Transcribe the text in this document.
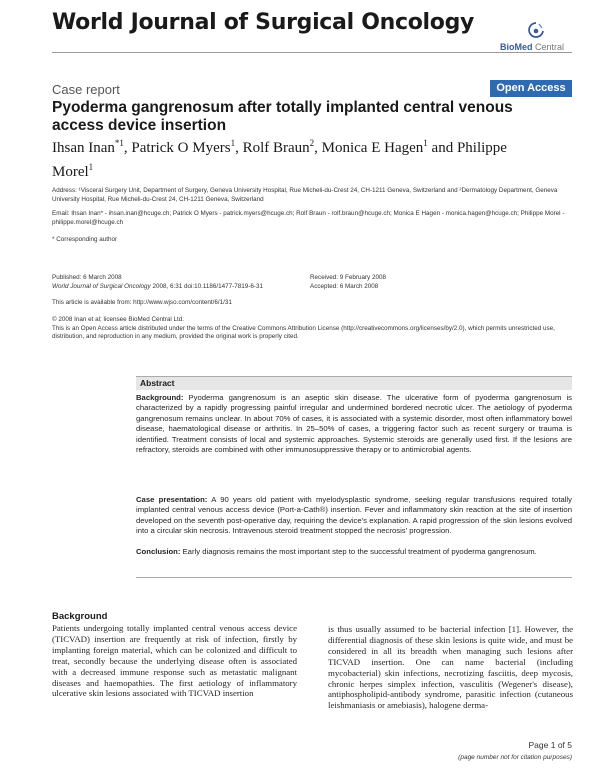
World Journal of Surgical Oncology
BioMed Central
Case report	Open Access
Pyoderma gangrenosum after totally implanted central venous access device insertion
Ihsan Inan$^{*1}$, Patrick O Myers$^1$, Rolf Braun$^2$, Monica E Hagen$^1$ and Philippe Morel$^1$
Address: ¹Visceral Surgery Unit, Department of Surgery, Geneva University Hospital, Rue Micheli-du-Crest 24, CH-1211 Geneva, Switzerland and ²Dermatology Department, Geneva University Hospital, Rue Micheli-du-Crest 24, CH-1211 Geneva, Switzerland
Email: Ihsan Inan* - ihsan.inan@hcuge.ch; Patrick O Myers - patrick.myers@hcuge.ch; Rolf Braun - rolf.braun@hcuge.ch; Monica E Hagen - monica.hagen@hcuge.ch; Philippe Morel - philippe.morel@hcuge.ch
* Corresponding author
Published: 6 March 2008
World Journal of Surgical Oncology 2008, 6:31 doi:10.1186/1477-7819-6-31
Received: 9 February 2008
Accepted: 6 March 2008
This article is available from: http://www.wjso.com/content/6/1/31
© 2008 Inan et al; licensee BioMed Central Ltd.
This is an Open Access article distributed under the terms of the Creative Commons Attribution License (http://creativecommons.org/licenses/by/2.0), which permits unrestricted use, distribution, and reproduction in any medium, provided the original work is properly cited.
Abstract
Background: Pyoderma gangrenosum is an aseptic skin disease. The ulcerative form of pyoderma gangrenosum is characterized by a rapidly progressing painful irregular and undermined bordered necrotic ulcer. The aetiology of pyoderma gangrenosum remains unclear. In about 70% of cases, it is associated with a systemic disorder, most often inflammatory bowel disease, haematological disease or arthritis. In 25–50% of cases, a triggering factor such as recent surgery or trauma is identified. Treatment consists of local and systemic approaches. Systemic steroids are generally used first. If the lesions are refractory, steroids are combined with other immunosuppressive therapy or to antimicrobial agents.
Case presentation: A 90 years old patient with myelodysplastic syndrome, seeking regular transfusions required totally implanted central venous access device (Port-a-Cath®) insertion. Fever and inflammatory skin reaction at the site of insertion developed on the seventh post-operative day, requiring the device's explanation. A rapid progression of the skin lesions evolved into a circular skin necrosis. Intravenous steroid treatment stopped the necrosis' progression.
Conclusion: Early diagnosis remains the most important step to the successful treatment of pyoderma gangrenosum.
Background
Patients undergoing totally implanted central venous access device (TICVAD) insertion are frequently at risk of infection, firstly by implanting foreign material, which can be colonized and difficult to treat, secondly because the underlying disease often is associated with a decreased immune response such as metastatic malignant diseases and haemopathies. The first aetiology of inflammatory ulcerative skin lesions associated with TICVAD insertion
is thus usually assumed to be bacterial infection [1]. However, the differential diagnosis of these skin lesions is quite wide, and must be considered in all its breadth when managing such lesions after TICVAD insertion. One can name bacterial (including mycobacterial) skin infections, necrotizing fasciitis, deep mycosis, chronic herpes simplex infection, vasculitis (Wegener's disease), antiphospholipid-antibody syndrome, parasitic infection (cutaneous leishmaniasis or amebiasis), halogene derma-
Page 1 of 5
(page number not for citation purposes)
